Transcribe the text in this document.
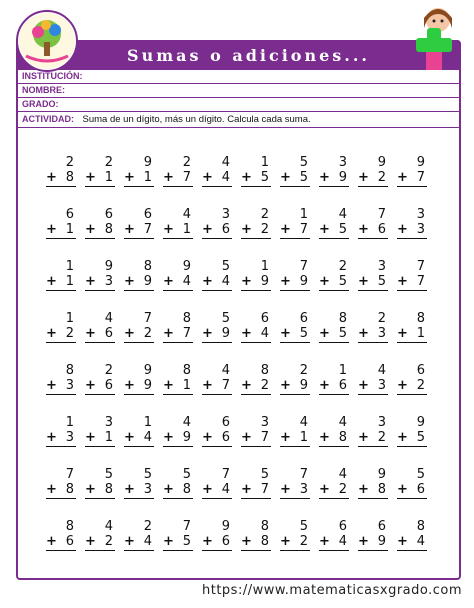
Sumas o adiciones...
INSTITUCIÓN:
NOMBRE:
GRADO:
ACTIVIDAD: Suma de un dígito, más un dígito. Calcula cada suma.
2
+ 8
2
+ 1
9
+ 1
2
+ 7
4
+ 4
1
+ 5
5
+ 5
3
+ 9
9
+ 2
9
+ 7
6
+ 1
6
+ 8
6
+ 7
4
+ 1
3
+ 6
2
+ 2
1
+ 7
4
+ 5
7
+ 6
3
+ 3
1
+ 1
9
+ 3
8
+ 9
9
+ 4
5
+ 4
1
+ 9
7
+ 9
2
+ 5
3
+ 5
7
+ 7
1
+ 2
4
+ 6
7
+ 2
8
+ 7
5
+ 9
6
+ 4
6
+ 5
8
+ 5
2
+ 3
8
+ 1
8
+ 3
2
+ 6
9
+ 9
8
+ 1
4
+ 7
8
+ 2
2
+ 9
1
+ 6
4
+ 3
6
+ 2
1
+ 3
3
+ 1
1
+ 4
4
+ 9
6
+ 6
3
+ 7
4
+ 1
4
+ 8
3
+ 2
9
+ 5
7
+ 8
5
+ 8
5
+ 3
5
+ 8
7
+ 4
5
+ 7
7
+ 3
4
+ 2
9
+ 8
5
+ 6
8
+ 6
4
+ 2
2
+ 4
7
+ 5
9
+ 6
8
+ 8
5
+ 2
6
+ 4
6
+ 9
8
+ 4
https://www.matematicasxgrado.com
